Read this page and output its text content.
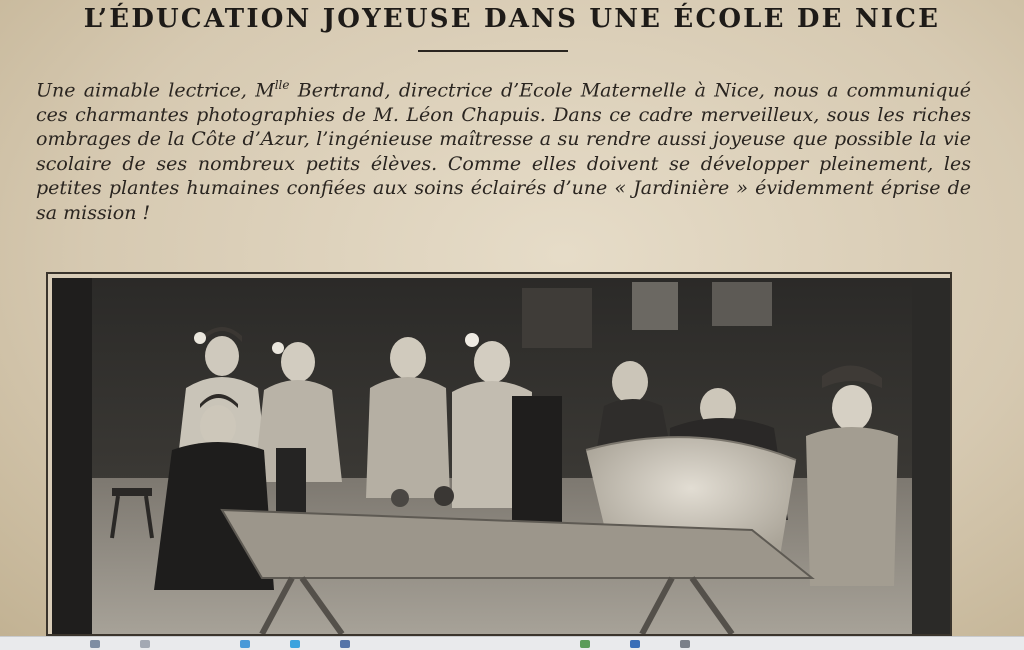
L’ÉDUCATION JOYEUSE DANS UNE ÉCOLE DE NICE

Une aimable lectrice, $M^{lle}$ Bertrand, directrice d’Ecole Maternelle à Nice, nous a communiqué ces charmantes photographies de M. Léon Chapuis. Dans ce cadre merveilleux, sous les riches ombrages de la Côte d’Azur, l’ingénieuse maîtresse a su rendre aussi joyeuse que possible la vie scolaire de ses nombreux petits élèves. Comme elles doivent se développer pleinement, les petites plantes humaines confiées aux soins éclairés d’une « Jardinière » évidemment éprise de sa mission !
